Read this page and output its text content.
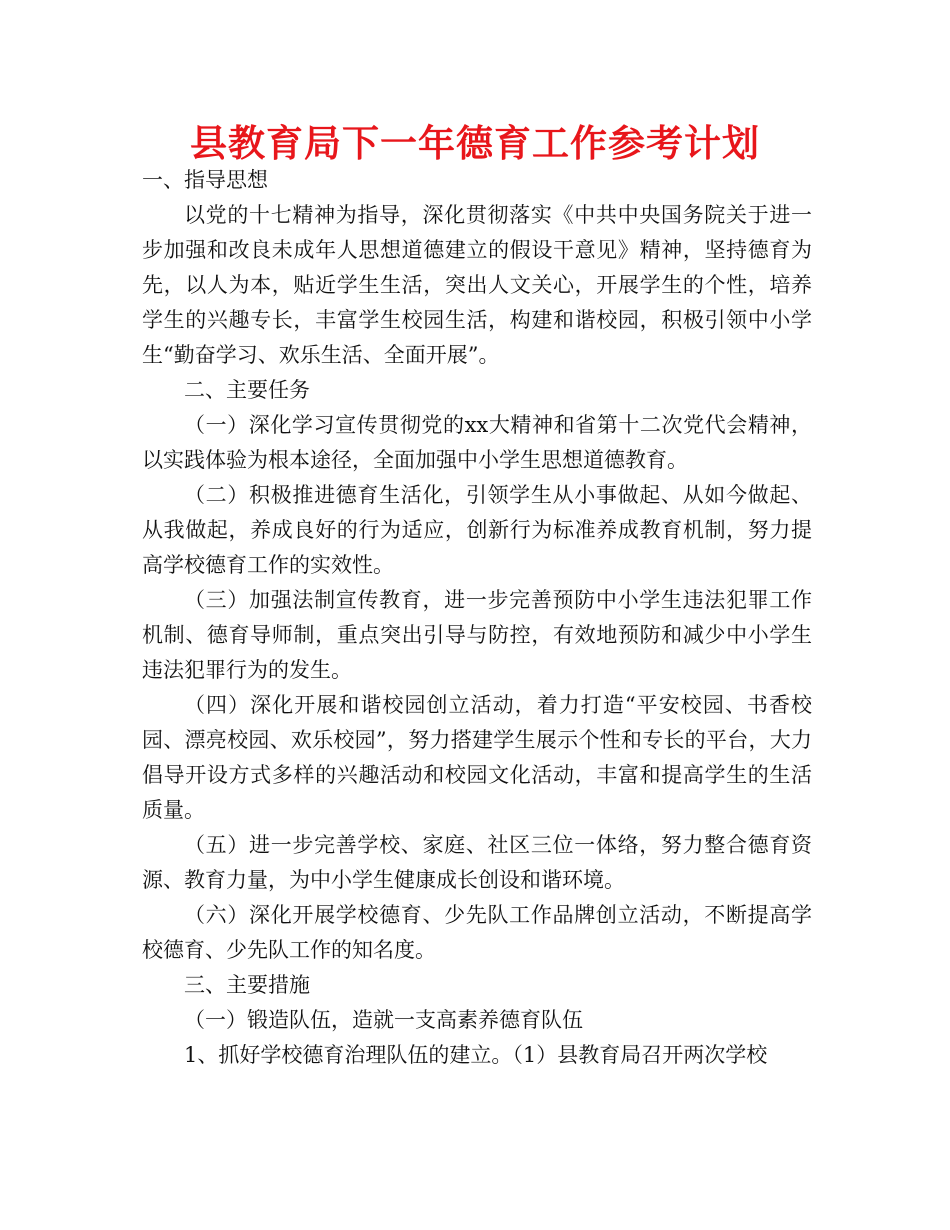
县教育局下一年德育工作参考计划

一、指导思想

以党的十七精神为指导，深化贯彻落实《中共中央国务院关于进一步加强和改良未成年人思想道德建立的假设干意见》精神，坚持德育为先，以人为本，贴近学生生活，突出人文关心，开展学生的个性，培养学生的兴趣专长，丰富学生校园生活，构建和谐校园，积极引领中小学生“勤奋学习、欢乐生活、全面开展”。

二、主要任务

（一）深化学习宣传贯彻党的xx大精神和省第十二次党代会精神，以实践体验为根本途径，全面加强中小学生思想道德教育。

（二）积极推进德育生活化，引领学生从小事做起、从如今做起、从我做起，养成良好的行为适应，创新行为标准养成教育机制，努力提高学校德育工作的实效性。

（三）加强法制宣传教育，进一步完善预防中小学生违法犯罪工作机制、德育导师制，重点突出引导与防控，有效地预防和减少中小学生违法犯罪行为的发生。

（四）深化开展和谐校园创立活动，着力打造“平安校园、书香校园、漂亮校园、欢乐校园”，努力搭建学生展示个性和专长的平台，大力倡导开设方式多样的兴趣活动和校园文化活动，丰富和提高学生的生活质量。

（五）进一步完善学校、家庭、社区三位一体络，努力整合德育资源、教育力量，为中小学生健康成长创设和谐环境。

（六）深化开展学校德育、少先队工作品牌创立活动，不断提高学校德育、少先队工作的知名度。

三、主要措施

（一）锻造队伍，造就一支高素养德育队伍

1、抓好学校德育治理队伍的建立。（1）县教育局召开两次学校
